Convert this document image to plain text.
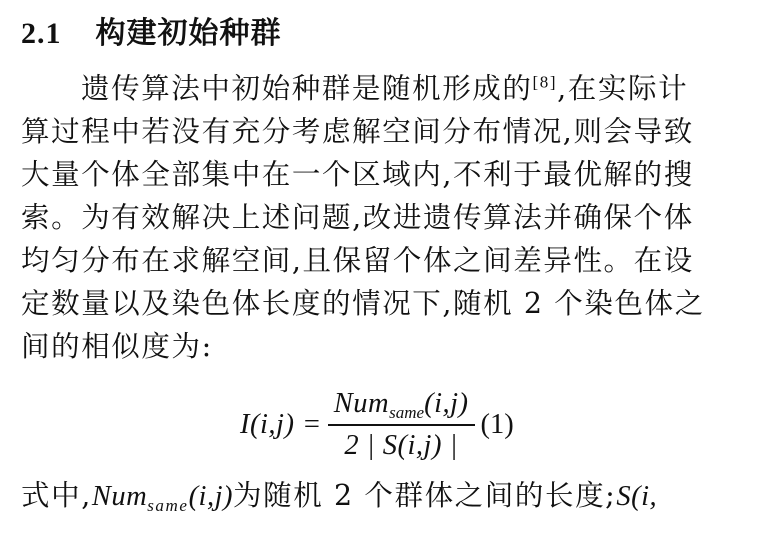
2.1 构建初始种群
遗传算法中初始种群是随机形成的[8],在实际计
算过程中若没有充分考虑解空间分布情况,则会导致
大量个体全部集中在一个区域内,不利于最优解的搜
索。为有效解决上述问题,改进遗传算法并确保个体
均匀分布在求解空间,且保留个体之间差异性。在设
定数量以及染色体长度的情况下,随机 2 个染色体之
间的相似度为:
$I(i,j) = \frac{Num_{same}(i,j)}{2 | S(i,j) |} (1)$
式中,Num$_{same}$(i,j)为随机 2 个群体之间的长度;S(i,
